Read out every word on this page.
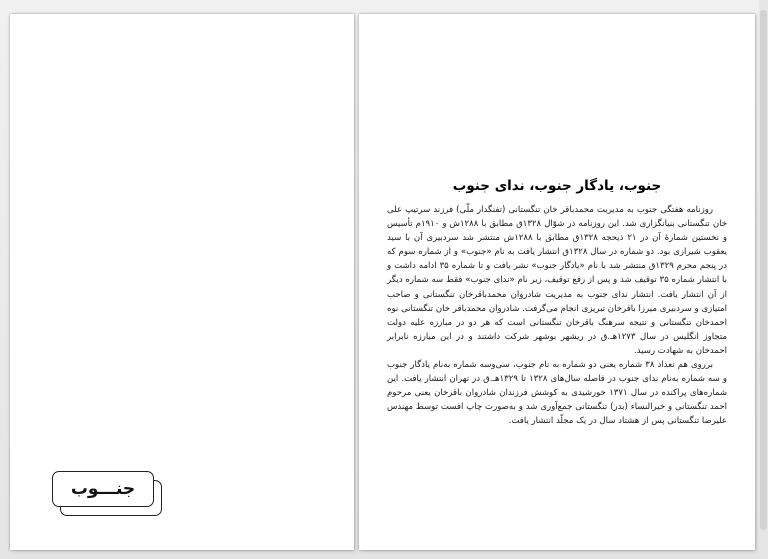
جنـــوب
جنوب، یادگار جنوب، ندای جنوب

روزنامه هفتگی جنوب به مدیریت محمدباقر خان تنگستانی (تفنگدار ملّی) فرزند سرتیپ علی خان تنگستانی بنیانگزاری شد. این روزنامه در شوّال ۱۳۲۸ق مطابق با ۱۲۸۸ش و ۱۹۱۰م تأسیس و نخستین شمارهٔ آن در ۲۱ ذیحجه ۱۳۲۸ق مطابق با ۱۲۸۸ش منتشر شد سردبیری آن با سید یعقوب شیرازی بود. دو شماره در سال ۱۳۲۸ق انتشار یافت به نام «جنوب» و از شماره سوم که در پنجم محرم ۱۳۲۹ق منتشر شد با نام «یادگار جنوب» نشر یافت و تا شماره ۳۵ ادامه داشت و با انتشار شماره ۳۵ توقیف شد و پس از رفع توقیف، زیر نام «ندای جنوب» فقط سه شماره دیگر از آن انتشار یافت. انتشار ندای جنوب به مدیریت شادروان محمدباقرخان تنگستانی و صاحب امتیازی و سردبیری میرزا باقرخان تبریزی انجام می‌گرفت. شادروان محمدباقر خان تنگستانی نوه احمدخان تنگستانی و نتیجه سرهنگ باقرخان تنگستانی است که هر دو در مبارزه علیه دولت متجاوز انگلیس در سال ۱۲۷۳هـ.ق در ریشهر بوشهر شرکت داشتند و در این مبارزه نابرابر احمدخان به شهادت رسید.

برروی هم تعداد ۳۸ شماره یعنی دو شماره به نام جنوب، سی‌وسه شماره به‌نام یادگار جنوب و سه شماره به‌نام ندای جنوب در فاصله سال‌های ۱۳۲۸ تا ۱۳۲۹هـ.ق در تهران انتشار یافت. این شماره‌های پراکنده در سال ۱۳۷۱ خورشیدی به کوشش فرزندان شادروان باقرخان یعنی مرحوم احمد تنگستانی و خیرالنساء (بدر) تنگستانی جمع‌آوری شد و به‌صورت چاپ افست توسط مهندس علیرضا تنگستانی پس از هشتاد سال در یک مجلّد انتشار یافت.
